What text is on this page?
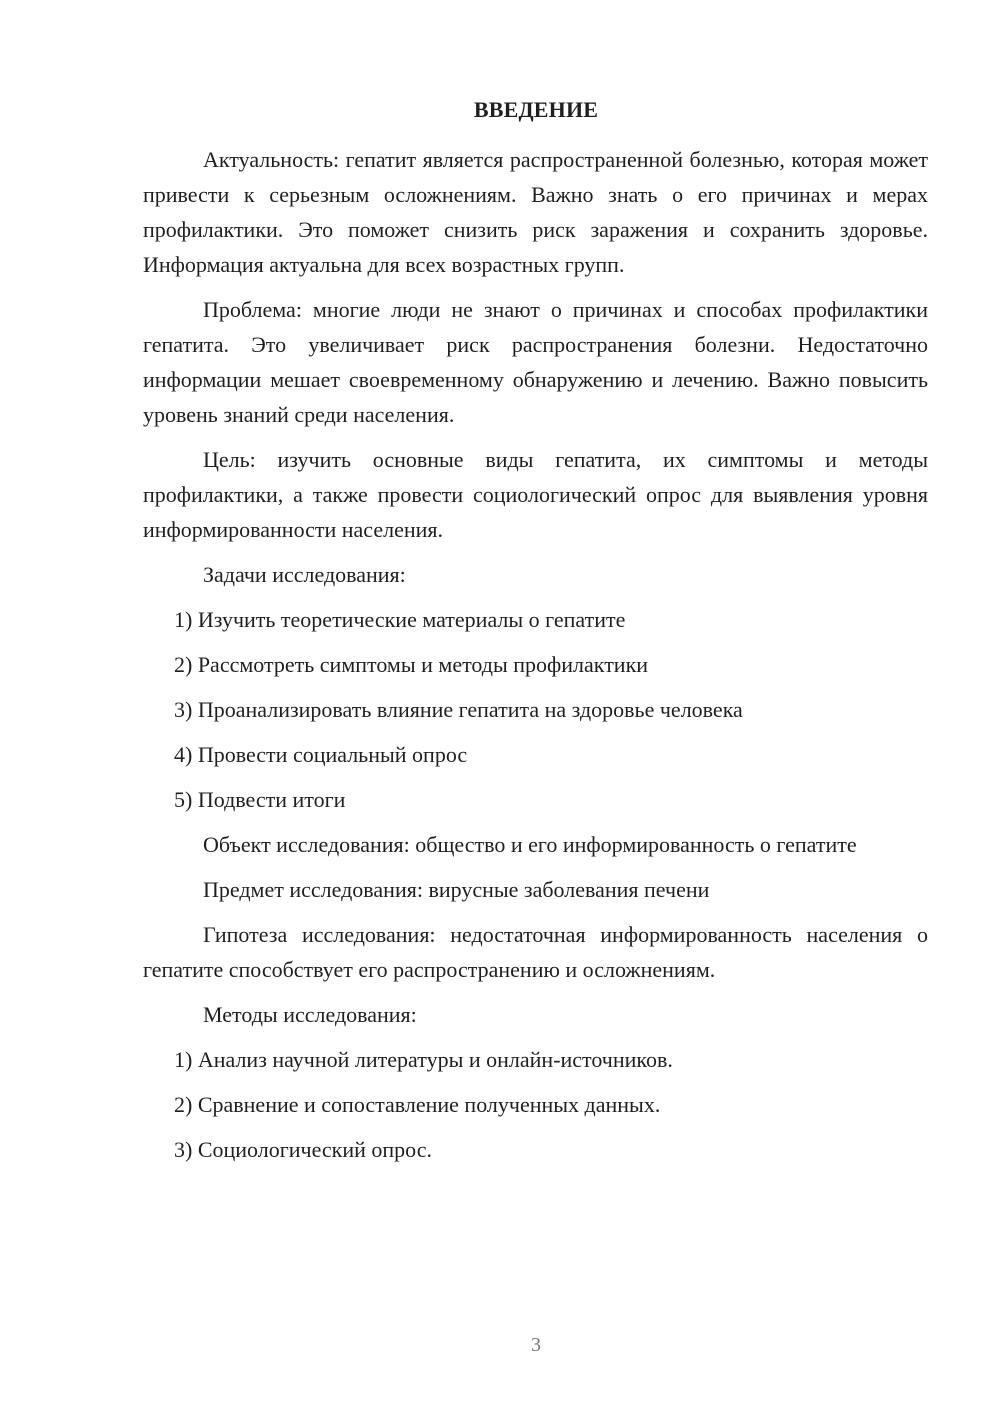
ВВЕДЕНИЕ

Актуальность: гепатит является распространенной болезнью, которая может привести к серьезным осложнениям. Важно знать о его причинах и мерах профилактики. Это поможет снизить риск заражения и сохранить здоровье. Информация актуальна для всех возрастных групп.

Проблема: многие люди не знают о причинах и способах профилактики гепатита. Это увеличивает риск распространения болезни. Недостаточно информации мешает своевременному обнаружению и лечению. Важно повысить уровень знаний среди населения.

Цель: изучить основные виды гепатита, их симптомы и методы профилактики, а также провести социологический опрос для выявления уровня информированности населения.

Задачи исследования:

1) Изучить теоретические материалы о гепатите
2) Рассмотреть симптомы и методы профилактики
3) Проанализировать влияние гепатита на здоровье человека
4) Провести социальный опрос
5) Подвести итоги

Объект исследования: общество и его информированность о гепатите

Предмет исследования: вирусные заболевания печени

Гипотеза исследования: недостаточная информированность населения о гепатите способствует его распространению и осложнениям.

Методы исследования:

1) Анализ научной литературы и онлайн-источников.
2) Сравнение и сопоставление полученных данных.
3) Социологический опрос.
3
